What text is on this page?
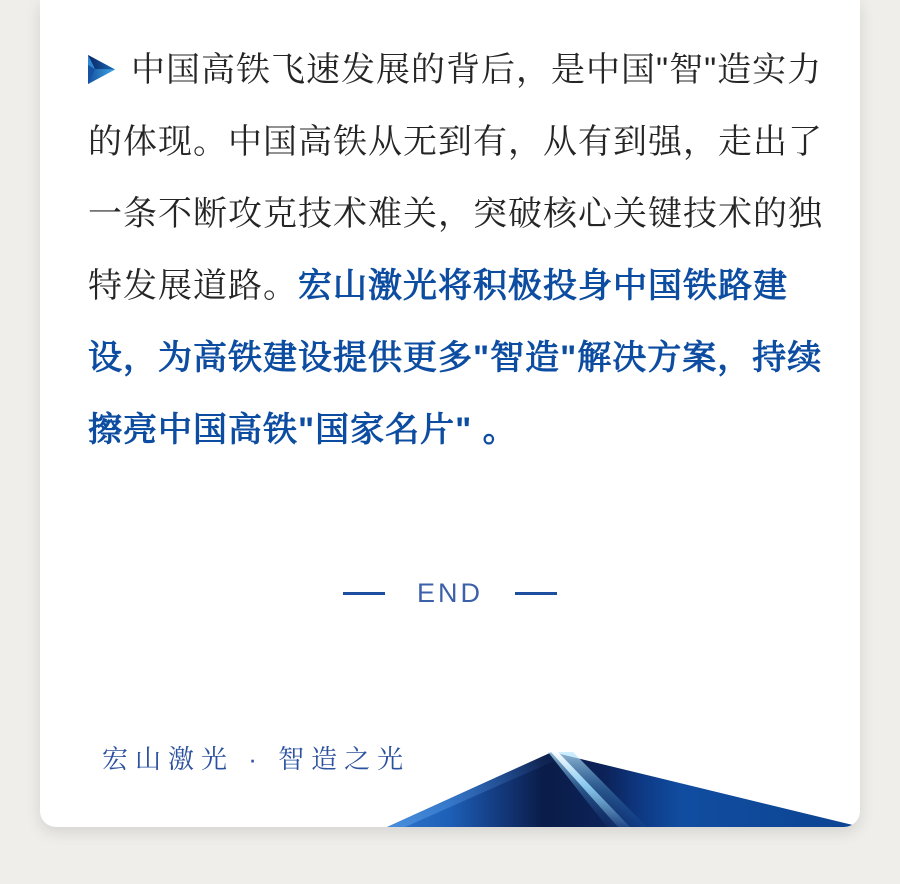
中国高铁飞速发展的背后，是中国"智"造实力的体现。中国高铁从无到有，从有到强，走出了一条不断攻克技术难关，突破核心关键技术的独特发展道路。宏山激光将积极投身中国铁路建设，为高铁建设提供更多"智造"解决方案，持续擦亮中国高铁"国家名片" 。
END
宏山激光 · 智造之光
